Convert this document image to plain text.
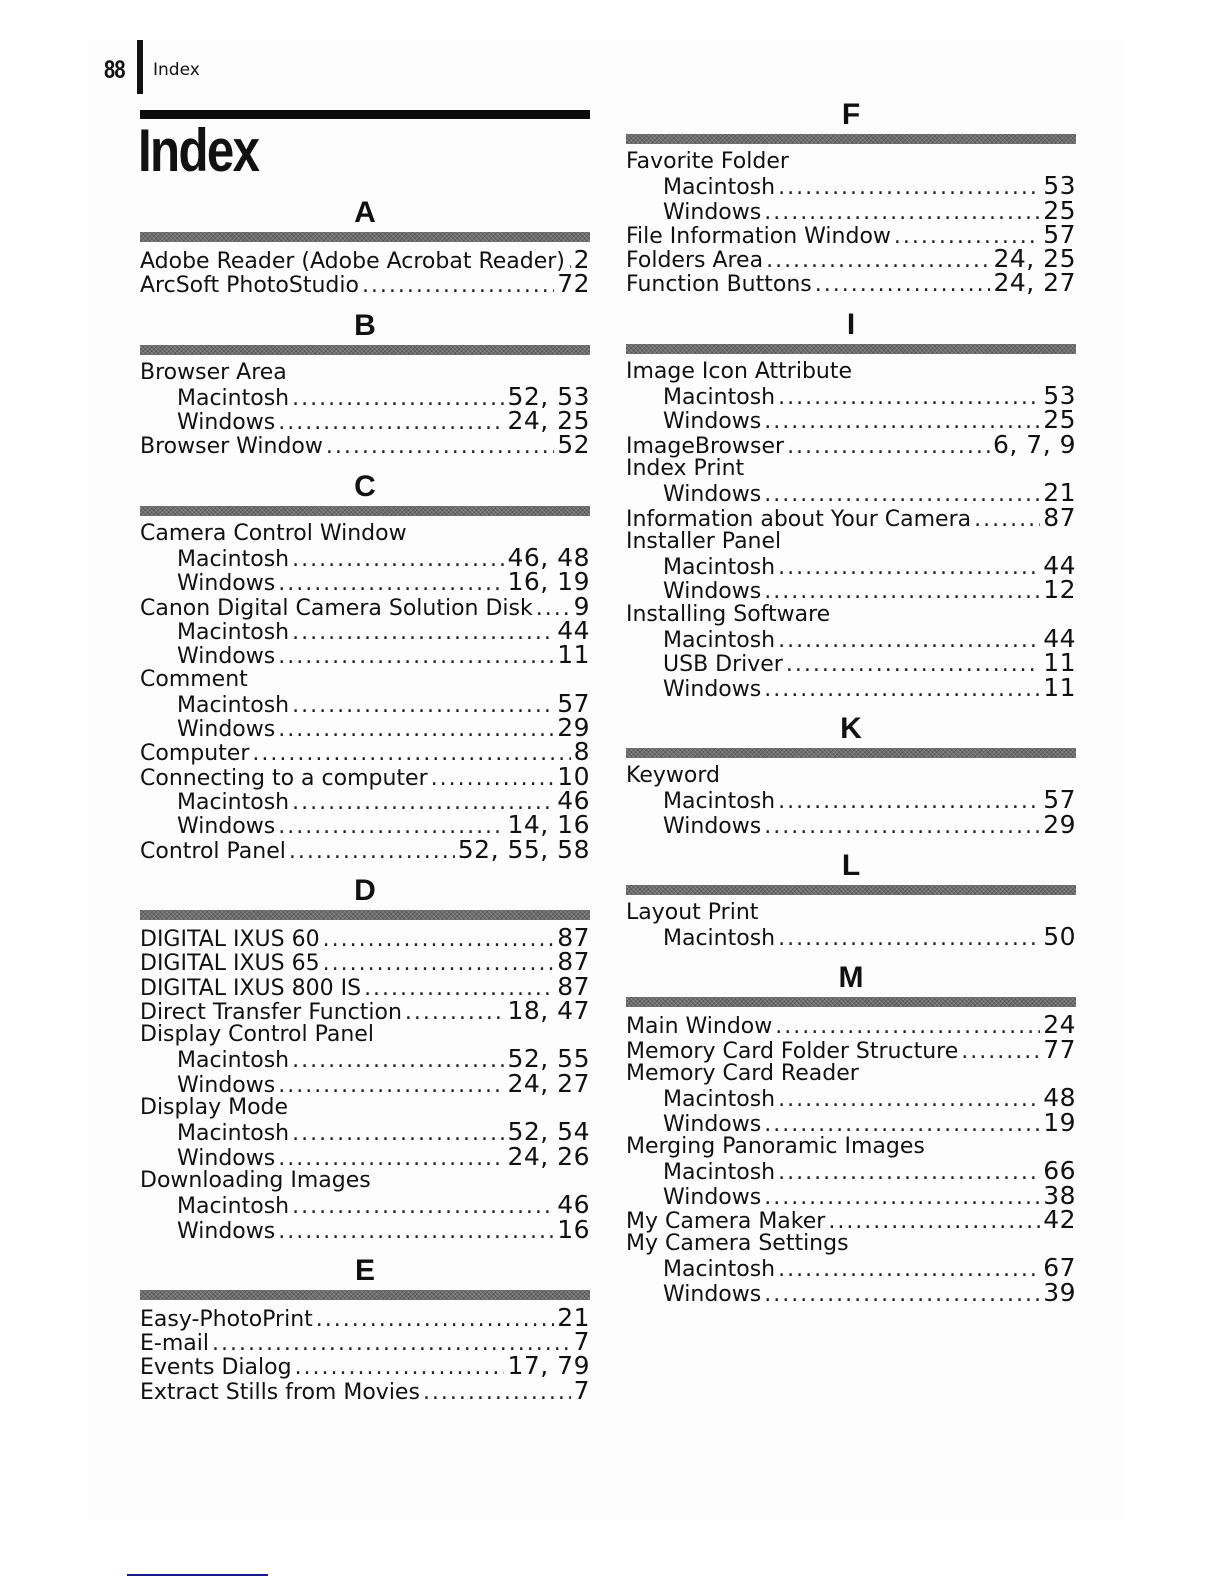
88 Index
Index
A
Adobe Reader (Adobe Acrobat Reader) ..... 2
ArcSoft PhotoStudio .....	72
B
Browser Area
Macintosh .....	52, 53
Windows .....	24, 25
Browser Window .....	52
C
Camera Control Window
Macintosh .....	46, 48
Windows .....	16, 19
Canon Digital Camera Solution Disk ..... 9
Macintosh .....	44
Windows .....	11
Comment
Macintosh .....	57
Windows .....	29
Computer .....	8
Connecting to a computer .....	10
Macintosh .....	46
Windows .....	14, 16
Control Panel .....	52, 55, 58
D
DIGITAL IXUS 60 .....	87
DIGITAL IXUS 65 .....	87
DIGITAL IXUS 800 IS .....	87
Direct Transfer Function .....	18, 47
Display Control Panel
Macintosh .....	52, 55
Windows .....	24, 27
Display Mode
Macintosh .....	52, 54
Windows .....	24, 26
Downloading Images
Macintosh .....	46
Windows .....	16
E
Easy-PhotoPrint .....	21
E-mail .....	7
Events Dialog .....	17, 79
Extract Stills from Movies .....	7
F
Favorite Folder
Macintosh .....	53
Windows .....	25
File Information Window .....	57
Folders Area .....	24, 25
Function Buttons .....	24, 27
I
Image Icon Attribute
Macintosh .....	53
Windows .....	25
ImageBrowser .....	6, 7, 9
Index Print
Windows .....	21
Information about Your Camera .....	87
Installer Panel
Macintosh .....	44
Windows .....	12
Installing Software
Macintosh .....	44
USB Driver .....	11
Windows .....	11
K
Keyword
Macintosh .....	57
Windows .....	29
L
Layout Print
Macintosh .....	50
M
Main Window .....	24
Memory Card Folder Structure .....	77
Memory Card Reader
Macintosh .....	48
Windows .....	19
Merging Panoramic Images
Macintosh .....	66
Windows .....	38
My Camera Maker .....	42
My Camera Settings
Macintosh .....	67
Windows .....	39
